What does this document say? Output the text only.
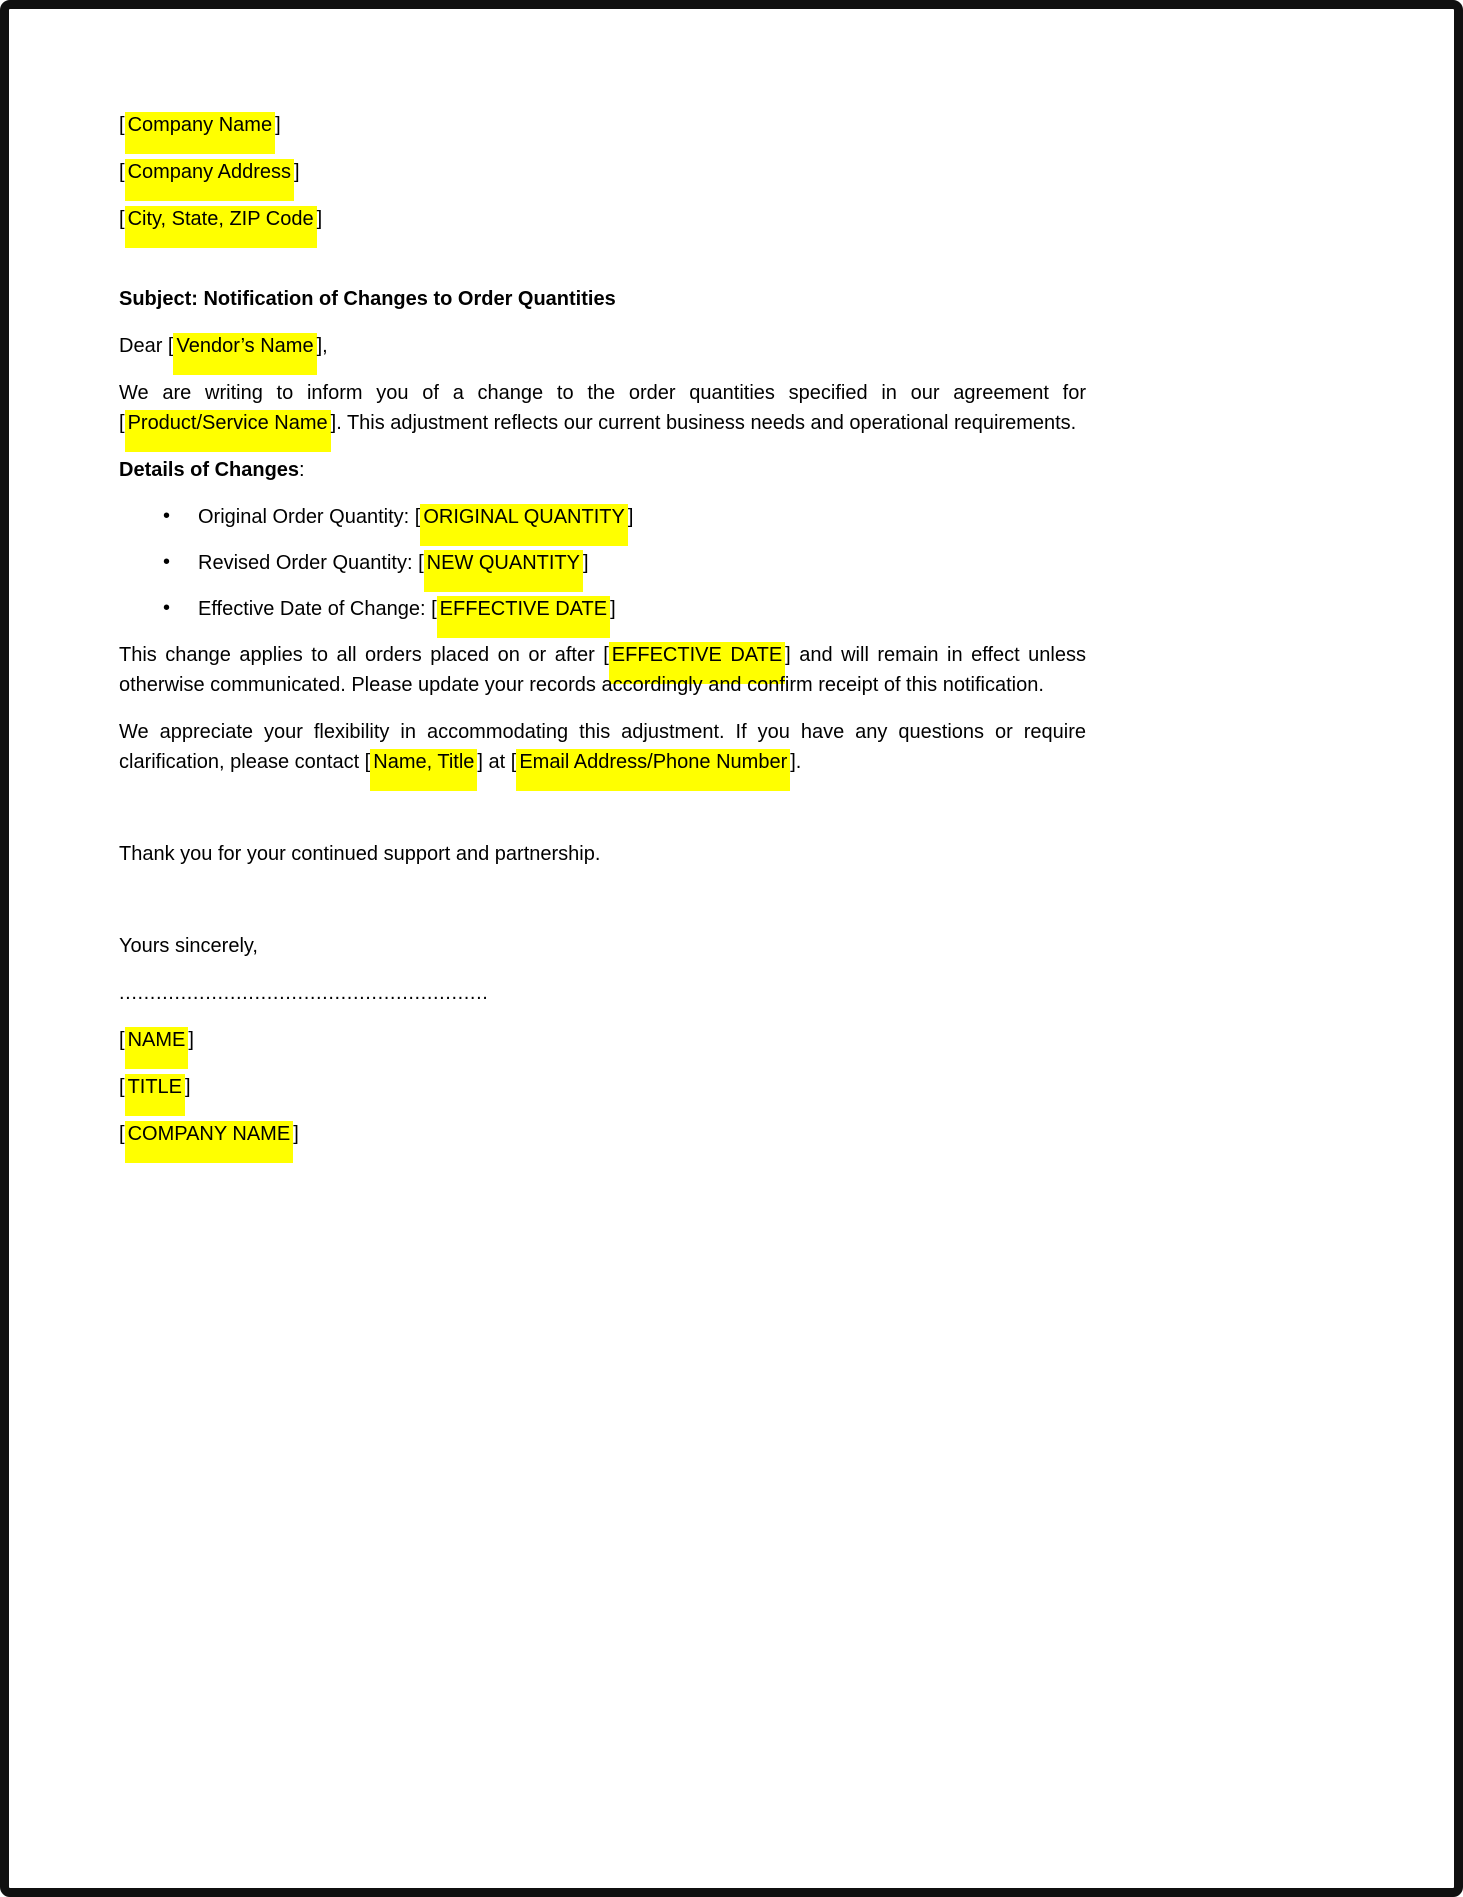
[ Company Name ]

[ Company Address ]

[ City, State, ZIP Code ]

Subject: Notification of Changes to Order Quantities

Dear [ Vendor’s Name ],

We are writing to inform you of a change to the order quantities specified in our agreement for [ Product/Service Name ]. This adjustment reflects our current business needs and operational requirements.

Details of Changes:

• Original Order Quantity: [ ORIGINAL QUANTITY ]

• Revised Order Quantity: [ NEW QUANTITY ]

• Effective Date of Change: [ EFFECTIVE DATE ]

This change applies to all orders placed on or after [ EFFECTIVE DATE ] and will remain in effect unless otherwise communicated. Please update your records accordingly and confirm receipt of this notification.

We appreciate your flexibility in accommodating this adjustment. If you have any questions or require clarification, please contact [ Name, Title ] at [ Email Address/Phone Number ].

Thank you for your continued support and partnership.

Yours sincerely,

............................................................

[ NAME ]

[ TITLE ]

[ COMPANY NAME ]
